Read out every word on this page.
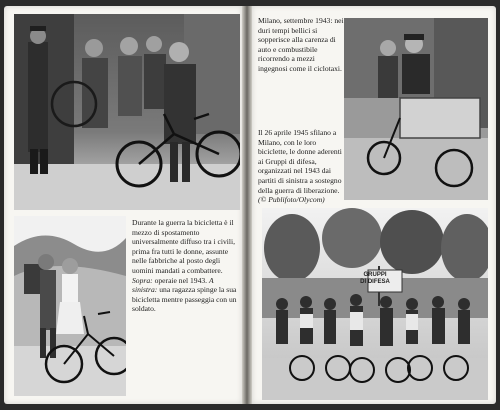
Durante la guerra la bicicletta è il mezzo di spostamento universalmente diffuso tra i civili, prima fra tutti le donne, assunte nelle fabbriche al posto degli uomini mandati a combattere. Sopra: operaie nel 1943. A sinistra: una ragazza spinge la sua bicicletta mentre passeggia con un soldato.

Milano, settembre 1943: nei duri tempi bellici si sopperisce alla carenza di auto e combustibile ricorrendo a mezzi ingegnosi come il ciclotaxi.

Il 26 aprile 1945 sfilano a Milano, con le loro biciclette, le donne aderenti ai Gruppi di difesa, organizzati nel 1943 dai partiti di sinistra a sostegno della guerra di liberazione. (© Publifoto/Olycom)

GRUPPI
DI DIFESA
